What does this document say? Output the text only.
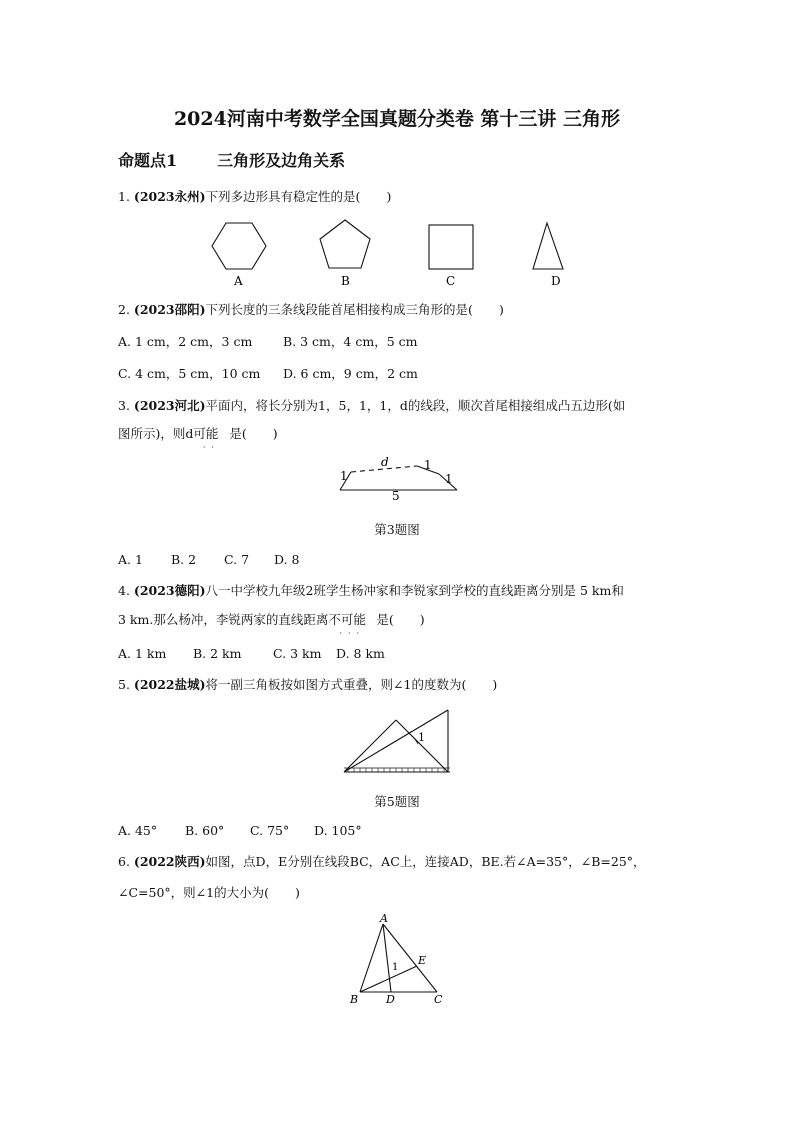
2024河南中考数学全国真题分类卷 第十三讲 三角形
命题点1	三角形及边角关系
1. (2023永州)下列多边形具有稳定性的是( )
A	B	C	D
2. (2023邵阳)下列长度的三条线段能首尾相接构成三角形的是( )
A. 1 cm，2 cm，3 cm B. 3 cm，4 cm，5 cm
C. 4 cm，5 cm，10 cm D. 6 cm，9 cm，2 cm
3. (2023河北)平面内，将长分别为1，5，1，1，d的线段，顺次首尾相接组成凸五边形(如
图所示)，则d可能
··
是( )
1
d	1
1
5
第3题图
A. 1 B. 2 C. 7 D. 8
4. (2023德阳)八一中学校九年级2班学生杨冲家和李锐家到学校的直线距离分别是 5 km和
3 km.那么杨冲，李锐两家的直线距离不可能
···
是( )
A. 1 km B. 2 km	C. 3 km D. 8 km
5. (2022盐城)将一副三角板按如图方式重叠，则∠1的度数为( )
1
第5题图
A. 45° B. 60° C. 75° D. 105°
6. (2022陕西)如图，点D，E分别在线段BC，AC上，连接AD，BE.若∠A=35°，∠B=25°，
∠C=50°，则∠1的大小为( )
A
B	C
D
E
1
